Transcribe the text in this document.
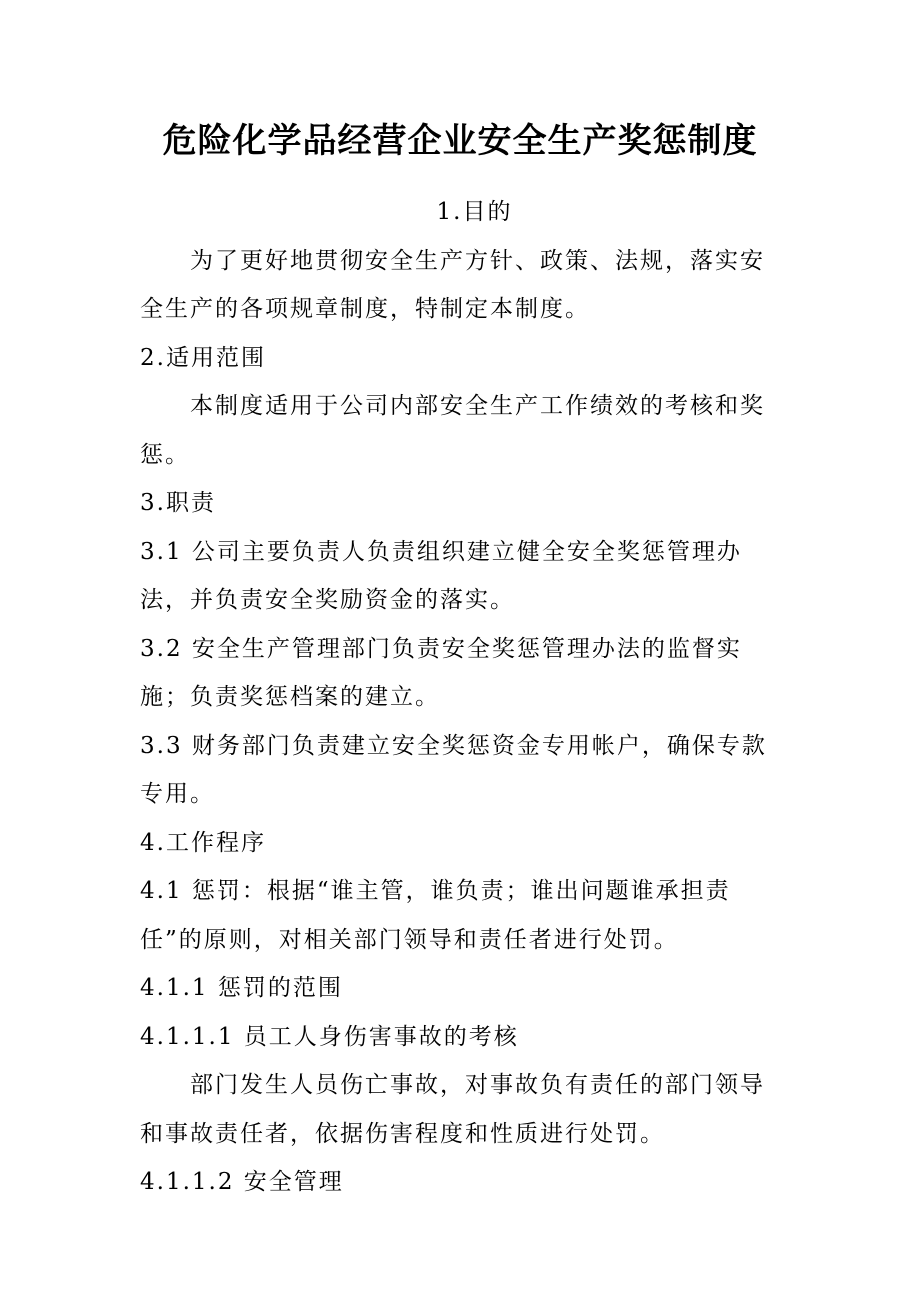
危险化学品经营企业安全生产奖惩制度

1.目的

为了更好地贯彻安全生产方针、政策、法规，落实安全生产的各项规章制度，特制定本制度。

2.适用范围

本制度适用于公司内部安全生产工作绩效的考核和奖惩。

3.职责

3.1 公司主要负责人负责组织建立健全安全奖惩管理办法，并负责安全奖励资金的落实。

3.2 安全生产管理部门负责安全奖惩管理办法的监督实施；负责奖惩档案的建立。

3.3 财务部门负责建立安全奖惩资金专用帐户，确保专款专用。

4.工作程序

4.1 惩罚：根据“谁主管，谁负责；谁出问题谁承担责任”的原则，对相关部门领导和责任者进行处罚。

4.1.1 惩罚的范围

4.1.1.1 员工人身伤害事故的考核

部门发生人员伤亡事故，对事故负有责任的部门领导和事故责任者，依据伤害程度和性质进行处罚。

4.1.1.2 安全管理
